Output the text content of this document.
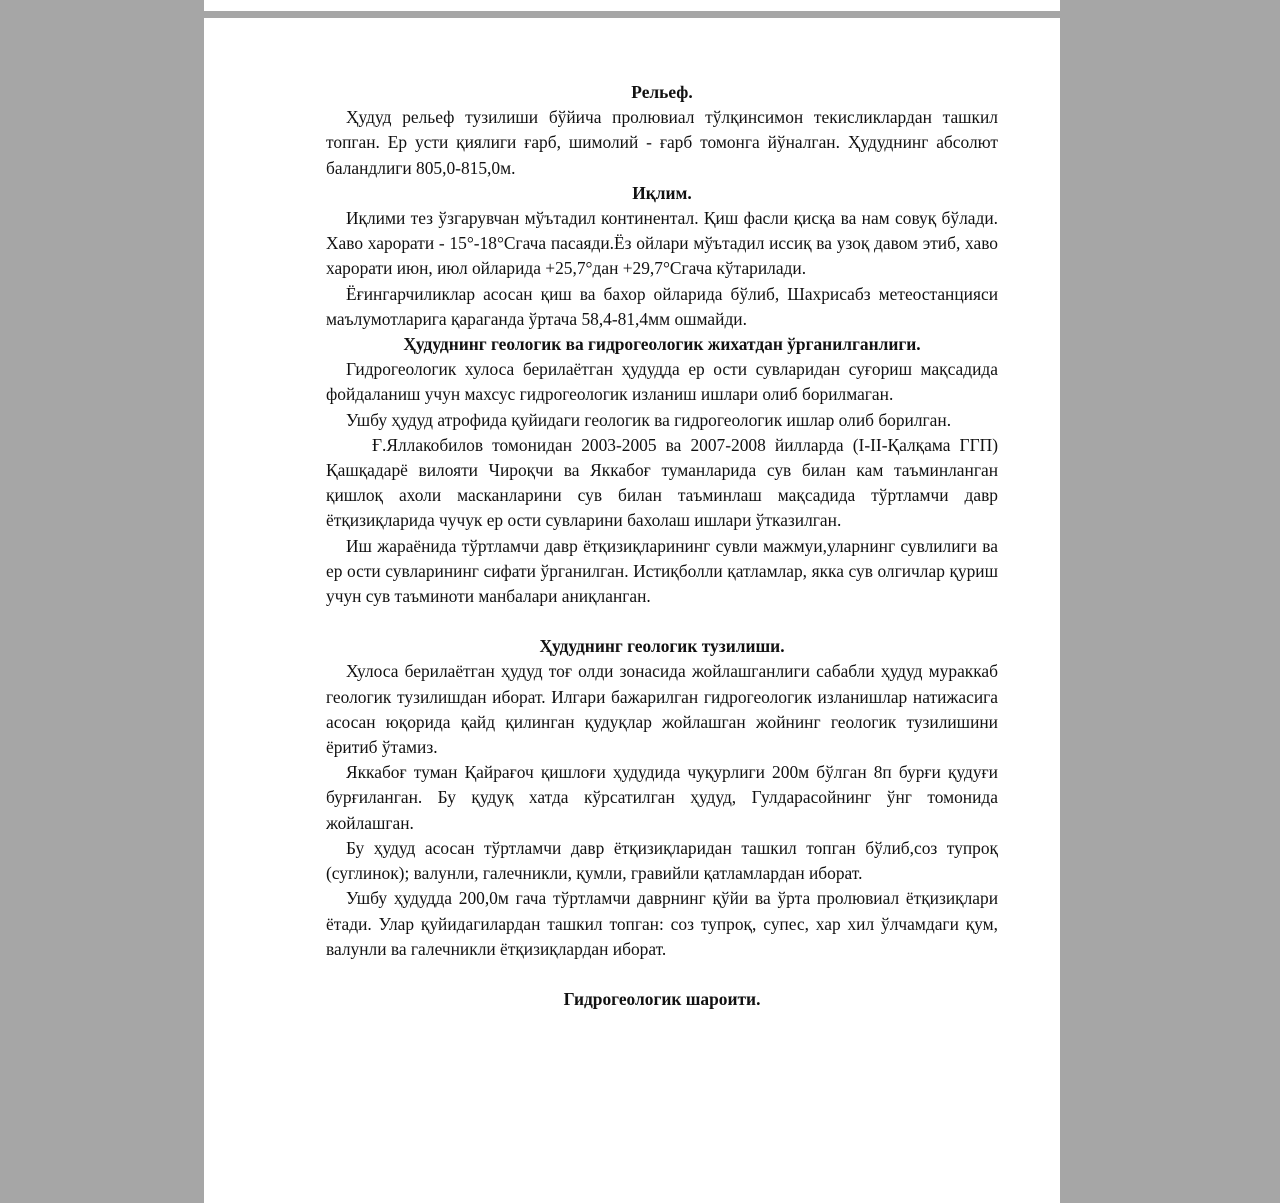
Рельеф.

Ҳудуд рельеф тузилиши бўйича пролювиал тўлқинсимон текисликлардан ташкил топган. Ер усти қиялиги ғарб, шимолий - ғарб томонга йўналган. Ҳудуднинг абсолют баландлиги 805,0-815,0м.

Иқлим.

Иқлими тез ўзгарувчан мўътадил континентал. Қиш фасли қисқа ва нам совуқ бўлади. Хаво харорати - 15°-18°Сгача пасаяди.Ёз ойлари мўътадил иссиқ ва узоқ давом этиб, хаво харорати июн, июл ойларида +25,7°дан +29,7°Сгача кўтарилади.

Ёғингарчиликлар асосан қиш ва бахор ойларида бўлиб, Шахрисабз метеостанцияси маълумотларига қараганда ўртача 58,4-81,4мм ошмайди.

Ҳудуднинг геологик ва гидрогеологик жихатдан ўрганилганлиги.

Гидрогеологик хулоса берилаётган ҳудудда ер ости сувларидан суғориш мақсадида фойдаланиш учун махсус гидрогеологик изланиш ишлари олиб борилмаган.

Ушбу ҳудуд атрофида қуйидаги геологик ва гидрогеологик ишлар олиб борилган.

Ғ.Яллакобилов томонидан 2003-2005 ва 2007-2008 йилларда (I-II-Қалқама ГГП) Қашқадарё вилояти Чироқчи ва Яккабоғ туманларида сув билан кам таъминланган қишлоқ ахоли масканларини сув билан таъминлаш мақсадида тўртламчи давр ётқизиқларида чучук ер ости сувларини бахолаш ишлари ўтказилган.

Иш жараёнида тўртламчи давр ётқизиқларининг сувли мажмуи,уларнинг сувлилиги ва ер ости сувларининг сифати ўрганилган. Истиқболли қатламлар, якка сув олгичлар қуриш учун сув таъминоти манбалари аниқланган.

Ҳудуднинг геологик тузилиши.

Хулоса берилаётган ҳудуд тоғ олди зонасида жойлашганлиги сабабли ҳудуд мураккаб геологик тузилишдан иборат. Илгари бажарилган гидрогеологик изланишлар натижасига асосан юқорида қайд қилинган қудуқлар жойлашган жойнинг геологик тузилишини ёритиб ўтамиз.

Яккабоғ туман Қайрағоч қишлоғи ҳудудида чуқурлиги 200м бўлган 8п бурғи қудуғи бурғиланган. Бу қудуқ хатда кўрсатилган ҳудуд, Гулдарасойнинг ўнг томонида жойлашган.

Бу ҳудуд асосан тўртламчи давр ётқизиқларидан ташкил топган бўлиб,соз тупроқ (суглинок); валунли, галечникли, қумли, гравийли қатламлардан иборат.

Ушбу ҳудудда 200,0м гача тўртламчи даврнинг қўйи ва ўрта пролювиал ётқизиқлари ётади. Улар қуйидагилардан ташкил топган: соз тупроқ, супес, хар хил ўлчамдаги қум, валунли ва галечникли ётқизиқлардан иборат.

Гидрогеологик шароити.
